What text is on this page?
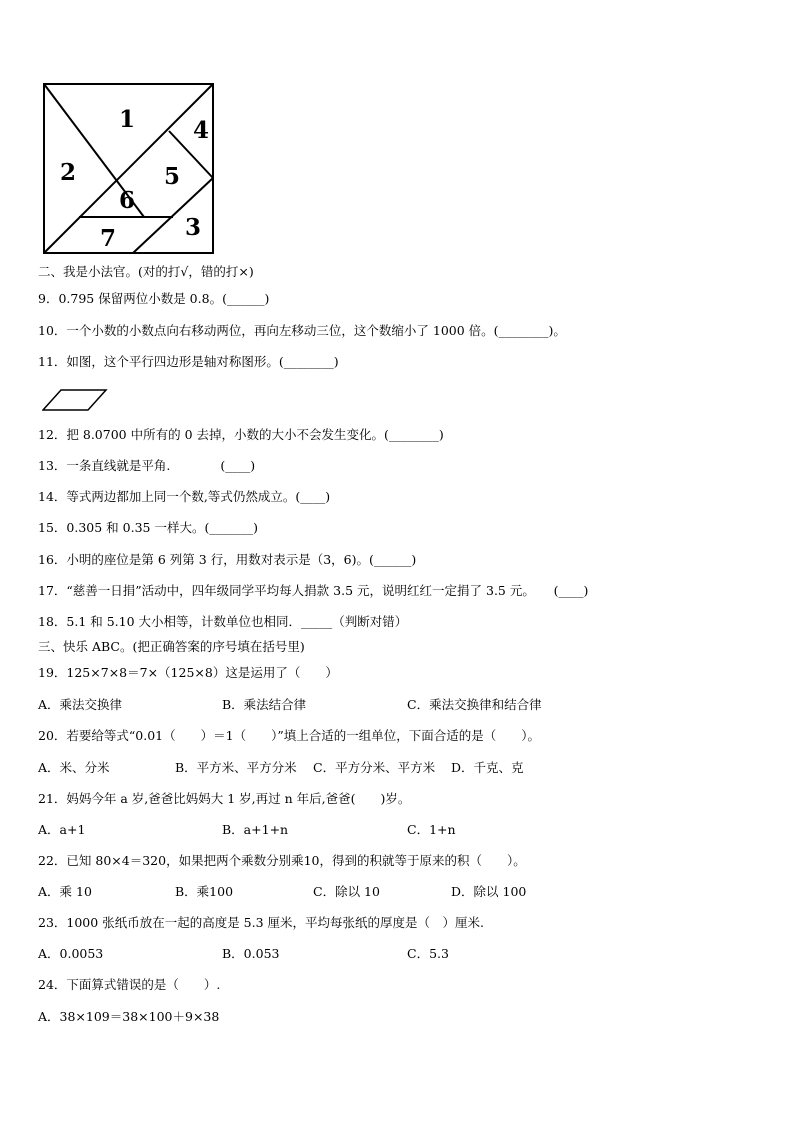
1
2
3
4
5
6
7
二、我是小法官。(对的打√，错的打×)
9．0.795 保留两位小数是 0.8。(______)
10．一个小数的小数点向右移动两位，再向左移动三位，这个数缩小了 1000 倍。(________)。
11．如图，这个平行四边形是轴对称图形。(________)
12．把 8.0700 中所有的 0 去掉，小数的大小不会发生变化。(________)
13．一条直线就是平角.　　　　(____)
14．等式两边都加上同一个数,等式仍然成立。(____)
15．0.305 和 0.35 一样大。(_______)
16．小明的座位是第 6 列第 3 行，用数对表示是（3，6)。(______)
17．“慈善一日捐”活动中，四年级同学平均每人捐款 3.5 元，说明红红一定捐了 3.5 元。　　(____)
18．5.1 和 5.10 大小相等，计数单位也相同．_____（判断对错）
三、快乐 ABC。(把正确答案的序号填在括号里)
19．125×7×8＝7×（125×8）这是运用了（　　）
A．乘法交换律	B．乘法结合律	C．乘法交换律和结合律
20．若要给等式“0.01（　　）＝1（　　）”填上合适的一组单位，下面合适的是（　　）。
A．米、分米	B．平方米、平方分米 C．平方分米、平方米 D．千克、克
21．妈妈今年 a 岁,爸爸比妈妈大 1 岁,再过 n 年后,爸爸(　　)岁。
A．a+1	B．a+1+n	C．1+n
22．已知 80×4＝320，如果把两个乘数分别乘10，得到的积就等于原来的积（　　）。
A．乘 10	B．乘100	C．除以 10	D．除以 100
23．1000 张纸币放在一起的高度是 5.3 厘米，平均每张纸的厚度是（　）厘米.
A．0.0053	B．0.053	C．5.3
24．下面算式错误的是（　　）.
A．38×109＝38×100＋9×38
